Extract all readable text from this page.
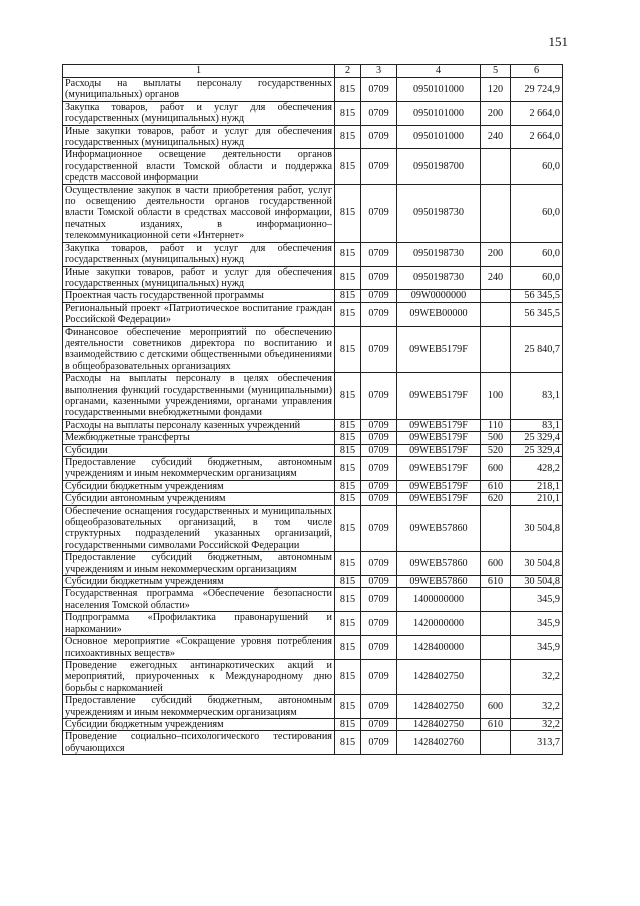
151
1	2	3	4	5	6
Расходы на выплаты персоналу государственных (муниципальных) органов	815	0709	0950101000	120	29 724,9
Закупка товаров, работ и услуг для обеспечения государственных (муниципальных) нужд	815	0709	0950101000	200	2 664,0
Иные закупки товаров, работ и услуг для обеспечения государственных (муниципальных) нужд	815	0709	0950101000	240	2 664,0
Информационное освещение деятельности органов государственной власти Томской области и поддержка средств массовой информации	815	0709	0950198700		60,0
Осуществление закупок в части приобретения работ, услуг по освещению деятельности органов государственной власти Томской области в средствах массовой информации, печатных изданиях, в информационно–телекоммуникационной сети «Интернет»	815	0709	0950198730		60,0
Закупка товаров, работ и услуг для обеспечения государственных (муниципальных) нужд	815	0709	0950198730	200	60,0
Иные закупки товаров, работ и услуг для обеспечения государственных (муниципальных) нужд	815	0709	0950198730	240	60,0
Проектная часть государственной программы	815	0709	09W0000000		56 345,5
Региональный проект «Патриотическое воспитание граждан Российской Федерации»	815	0709	09WEB00000		56 345,5
Финансовое обеспечение мероприятий по обеспечению деятельности советников директора по воспитанию и взаимодействию с детскими общественными объединениями в общеобразовательных организациях	815	0709	09WEB5179F		25 840,7
Расходы на выплаты персоналу в целях обеспечения выполнения функций государственными (муниципальными) органами, казенными учреждениями, органами управления государственными внебюджетными фондами	815	0709	09WEB5179F	100	83,1
Расходы на выплаты персоналу казенных учреждений	815	0709	09WEB5179F	110	83,1
Межбюджетные трансферты	815	0709	09WEB5179F	500	25 329,4
Субсидии	815	0709	09WEB5179F	520	25 329,4
Предоставление субсидий бюджетным, автономным учреждениям и иным некоммерческим организациям	815	0709	09WEB5179F	600	428,2
Субсидии бюджетным учреждениям	815	0709	09WEB5179F	610	218,1
Субсидии автономным учреждениям	815	0709	09WEB5179F	620	210,1
Обеспечение оснащения государственных и муниципальных общеобразовательных организаций, в том числе структурных подразделений указанных организаций, государственными символами Российской Федерации	815	0709	09WEB57860		30 504,8
Предоставление субсидий бюджетным, автономным учреждениям и иным некоммерческим организациям	815	0709	09WEB57860	600	30 504,8
Субсидии бюджетным учреждениям	815	0709	09WEB57860	610	30 504,8
Государственная программа «Обеспечение безопасности населения Томской области»	815	0709	1400000000		345,9
Подпрограмма «Профилактика правонарушений и наркомании»	815	0709	1420000000		345,9
Основное мероприятие «Сокращение уровня потребления психоактивных веществ»	815	0709	1428400000		345,9
Проведение ежегодных антинаркотических акций и мероприятий, приуроченных к Международному дню борьбы с наркоманией	815	0709	1428402750		32,2
Предоставление субсидий бюджетным, автономным учреждениям и иным некоммерческим организациям	815	0709	1428402750	600	32,2
Субсидии бюджетным учреждениям	815	0709	1428402750	610	32,2
Проведение социально–психологического тестирования обучающихся	815	0709	1428402760		313,7
